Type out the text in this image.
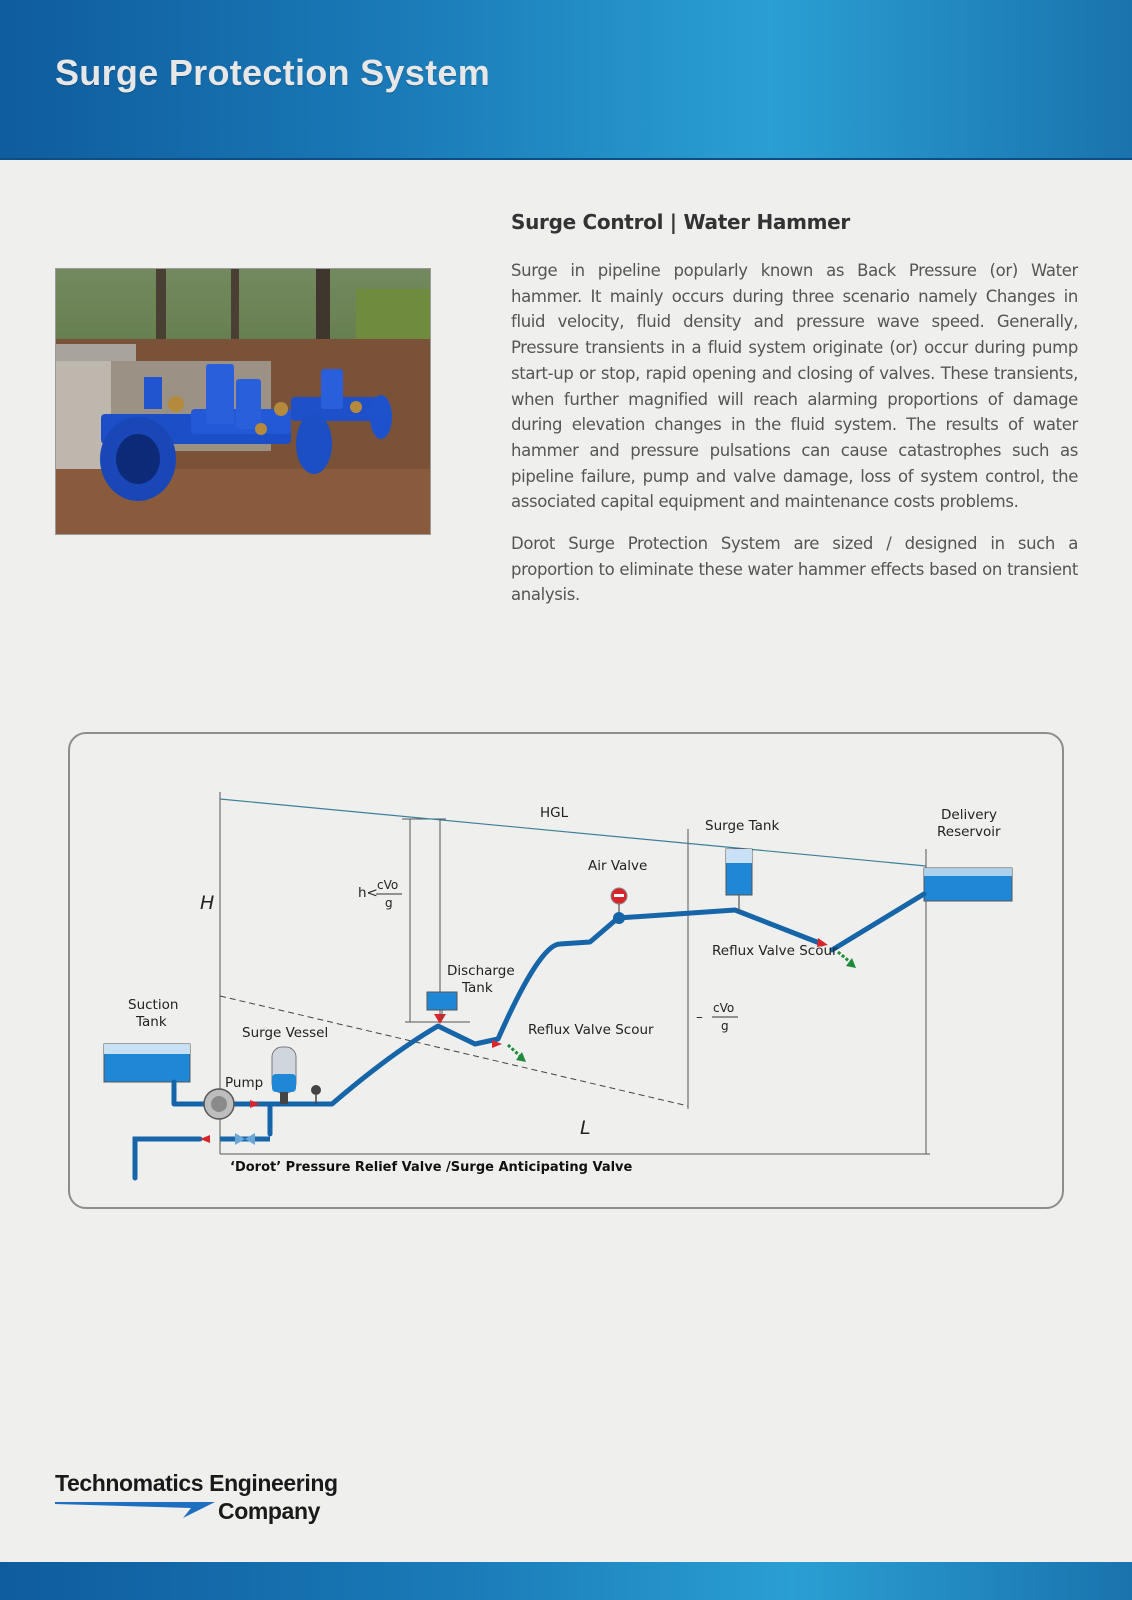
Surge Protection System
Surge Control | Water Hammer

Surge in pipeline popularly known as Back Pressure (or) Water hammer. It mainly occurs during three scenario namely Changes in fluid velocity, fluid density and pressure wave speed. Generally, Pressure transients in a fluid system originate (or) occur during pump start-up or stop, rapid opening and closing of valves. These transients, when further magnified will reach alarming proportions of damage during elevation changes in the fluid system. The results of water hammer and pressure pulsations can cause catastrophes such as pipeline failure, pump and valve damage, loss of system control, the associated capital equipment and maintenance costs problems.

Dorot Surge Protection System are sized / designed in such a proportion to eliminate these water hammer effects based on transient analysis.

HGL
H
L
h< cVo
g
–
cVo
g
Suction
Tank
Surge Vessel
Pump
Discharge
Tank
Reflux Valve Scour
Air Valve
Surge Tank
Reflux Valve Scour
Delivery
Reservoir
‘Dorot’ Pressure Relief Valve /Surge Anticipating Valve

Technomatics Engineering

Company
